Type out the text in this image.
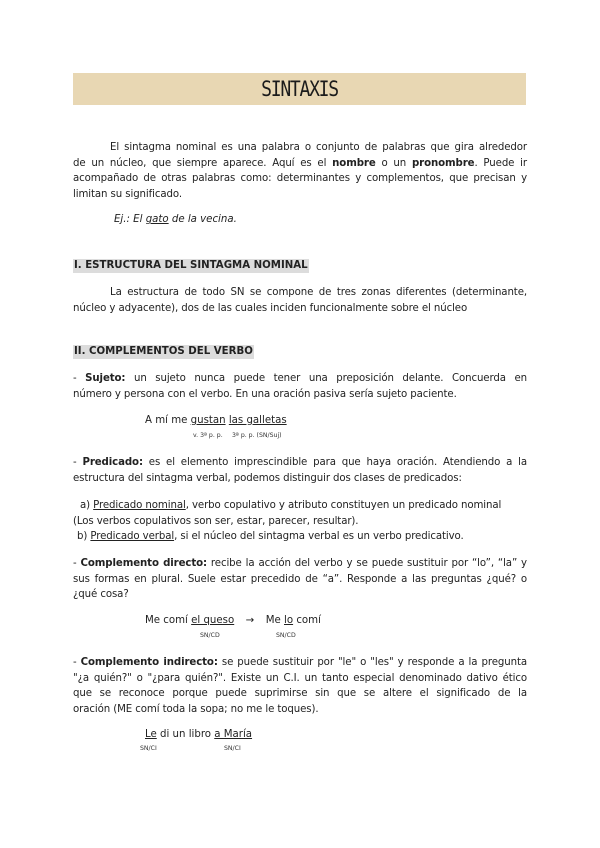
SINTAXIS
El sintagma nominal es una palabra o conjunto de palabras que gira alrededor
de un núcleo, que siempre aparece. Aquí es el nombre o un pronombre. Puede ir
acompañado de otras palabras como: determinantes y complementos, que precisan y
limitan su significado.
Ej.: El gato de la vecina.
I. ESTRUCTURA DEL SINTAGMA NOMINAL
La estructura de todo SN se compone de tres zonas diferentes (determinante,
núcleo y adyacente), dos de las cuales inciden funcionalmente sobre el núcleo
II. COMPLEMENTOS DEL VERBO
- Sujeto: un sujeto nunca puede tener una preposición delante. Concuerda en
número y persona con el verbo. En una oración pasiva sería sujeto paciente.
A mí me gustan las galletas
v. 3ª p. p. 3ª p. p. (SN/Suj)
- Predicado: es el elemento imprescindible para que haya oración. Atendiendo a la
estructura del sintagma verbal, podemos distinguir dos clases de predicados:
a) Predicado nominal, verbo copulativo y atributo constituyen un predicado nominal
(Los verbos copulativos son ser, estar, parecer, resultar).
b) Predicado verbal, si el núcleo del sintagma verbal es un verbo predicativo.
- Complemento directo: recibe la acción del verbo y se puede sustituir por “lo”, “la” y
sus formas en plural. Suele estar precedido de “a”. Responde a las preguntas ¿qué? o
¿qué cosa?
Me comí el queso → Me lo comí
SN/CD	SN/CD
- Complemento indirecto: se puede sustituir por "le" o "les" y responde a la pregunta
"¿a quién?" o "¿para quién?". Existe un C.I. un tanto especial denominado dativo ético
que se reconoce porque puede suprimirse sin que se altere el significado de la
oración (ME comí toda la sopa; no me le toques).
Le di un libro a María
SN/CI	SN/CI
